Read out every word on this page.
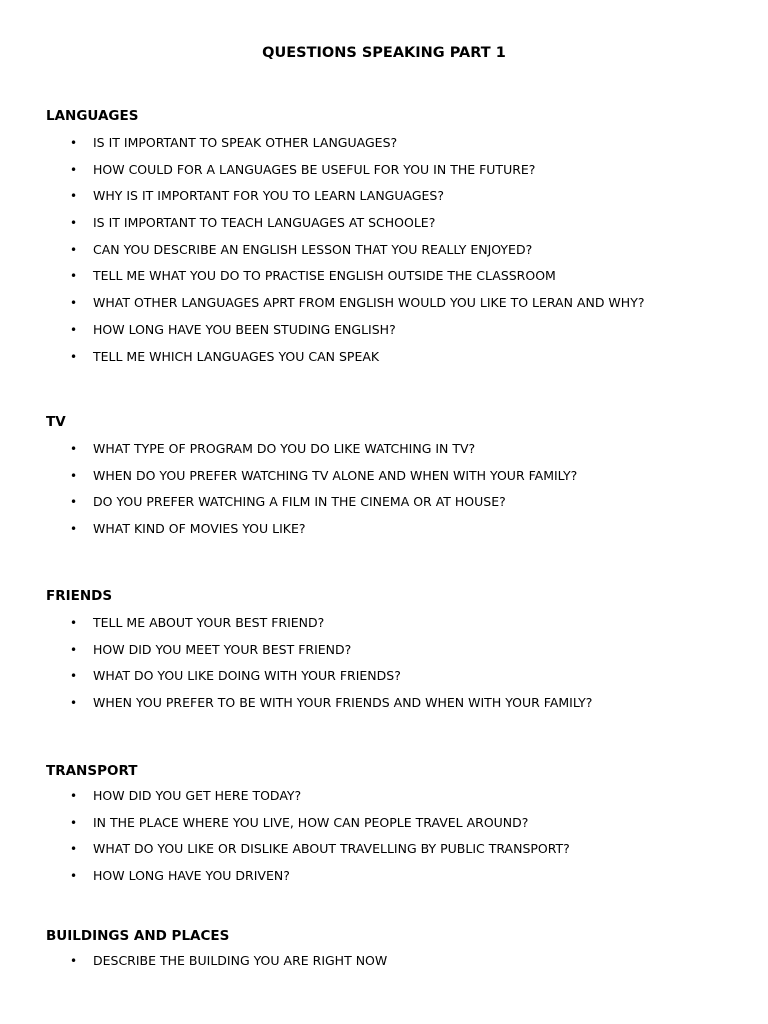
QUESTIONS SPEAKING PART 1
LANGUAGES
• IS IT IMPORTANT TO SPEAK OTHER LANGUAGES?
• HOW COULD FOR A LANGUAGES BE USEFUL FOR YOU IN THE FUTURE?
• WHY IS IT IMPORTANT FOR YOU TO LEARN LANGUAGES?
• IS IT IMPORTANT TO TEACH LANGUAGES AT SCHOOLE?
• CAN YOU DESCRIBE AN ENGLISH LESSON THAT YOU REALLY ENJOYED?
• TELL ME WHAT YOU DO TO PRACTISE ENGLISH OUTSIDE THE CLASSROOM
• WHAT OTHER LANGUAGES APRT FROM ENGLISH WOULD YOU LIKE TO LERAN AND WHY?
• HOW LONG HAVE YOU BEEN STUDING ENGLISH?
• TELL ME WHICH LANGUAGES YOU CAN SPEAK
TV
• WHAT TYPE OF PROGRAM DO YOU DO LIKE WATCHING IN TV?
• WHEN DO YOU PREFER WATCHING TV ALONE AND WHEN WITH YOUR FAMILY?
• DO YOU PREFER WATCHING A FILM IN THE CINEMA OR AT HOUSE?
• WHAT KIND OF MOVIES YOU LIKE?
FRIENDS
• TELL ME ABOUT YOUR BEST FRIEND?
• HOW DID YOU MEET YOUR BEST FRIEND?
• WHAT DO YOU LIKE DOING WITH YOUR FRIENDS?
• WHEN YOU PREFER TO BE WITH YOUR FRIENDS AND WHEN WITH YOUR FAMILY?
TRANSPORT
• HOW DID YOU GET HERE TODAY?
• IN THE PLACE WHERE YOU LIVE, HOW CAN PEOPLE TRAVEL AROUND?
• WHAT DO YOU LIKE OR DISLIKE ABOUT TRAVELLING BY PUBLIC TRANSPORT?
• HOW LONG HAVE YOU DRIVEN?
BUILDINGS AND PLACES
• DESCRIBE THE BUILDING YOU ARE RIGHT NOW
